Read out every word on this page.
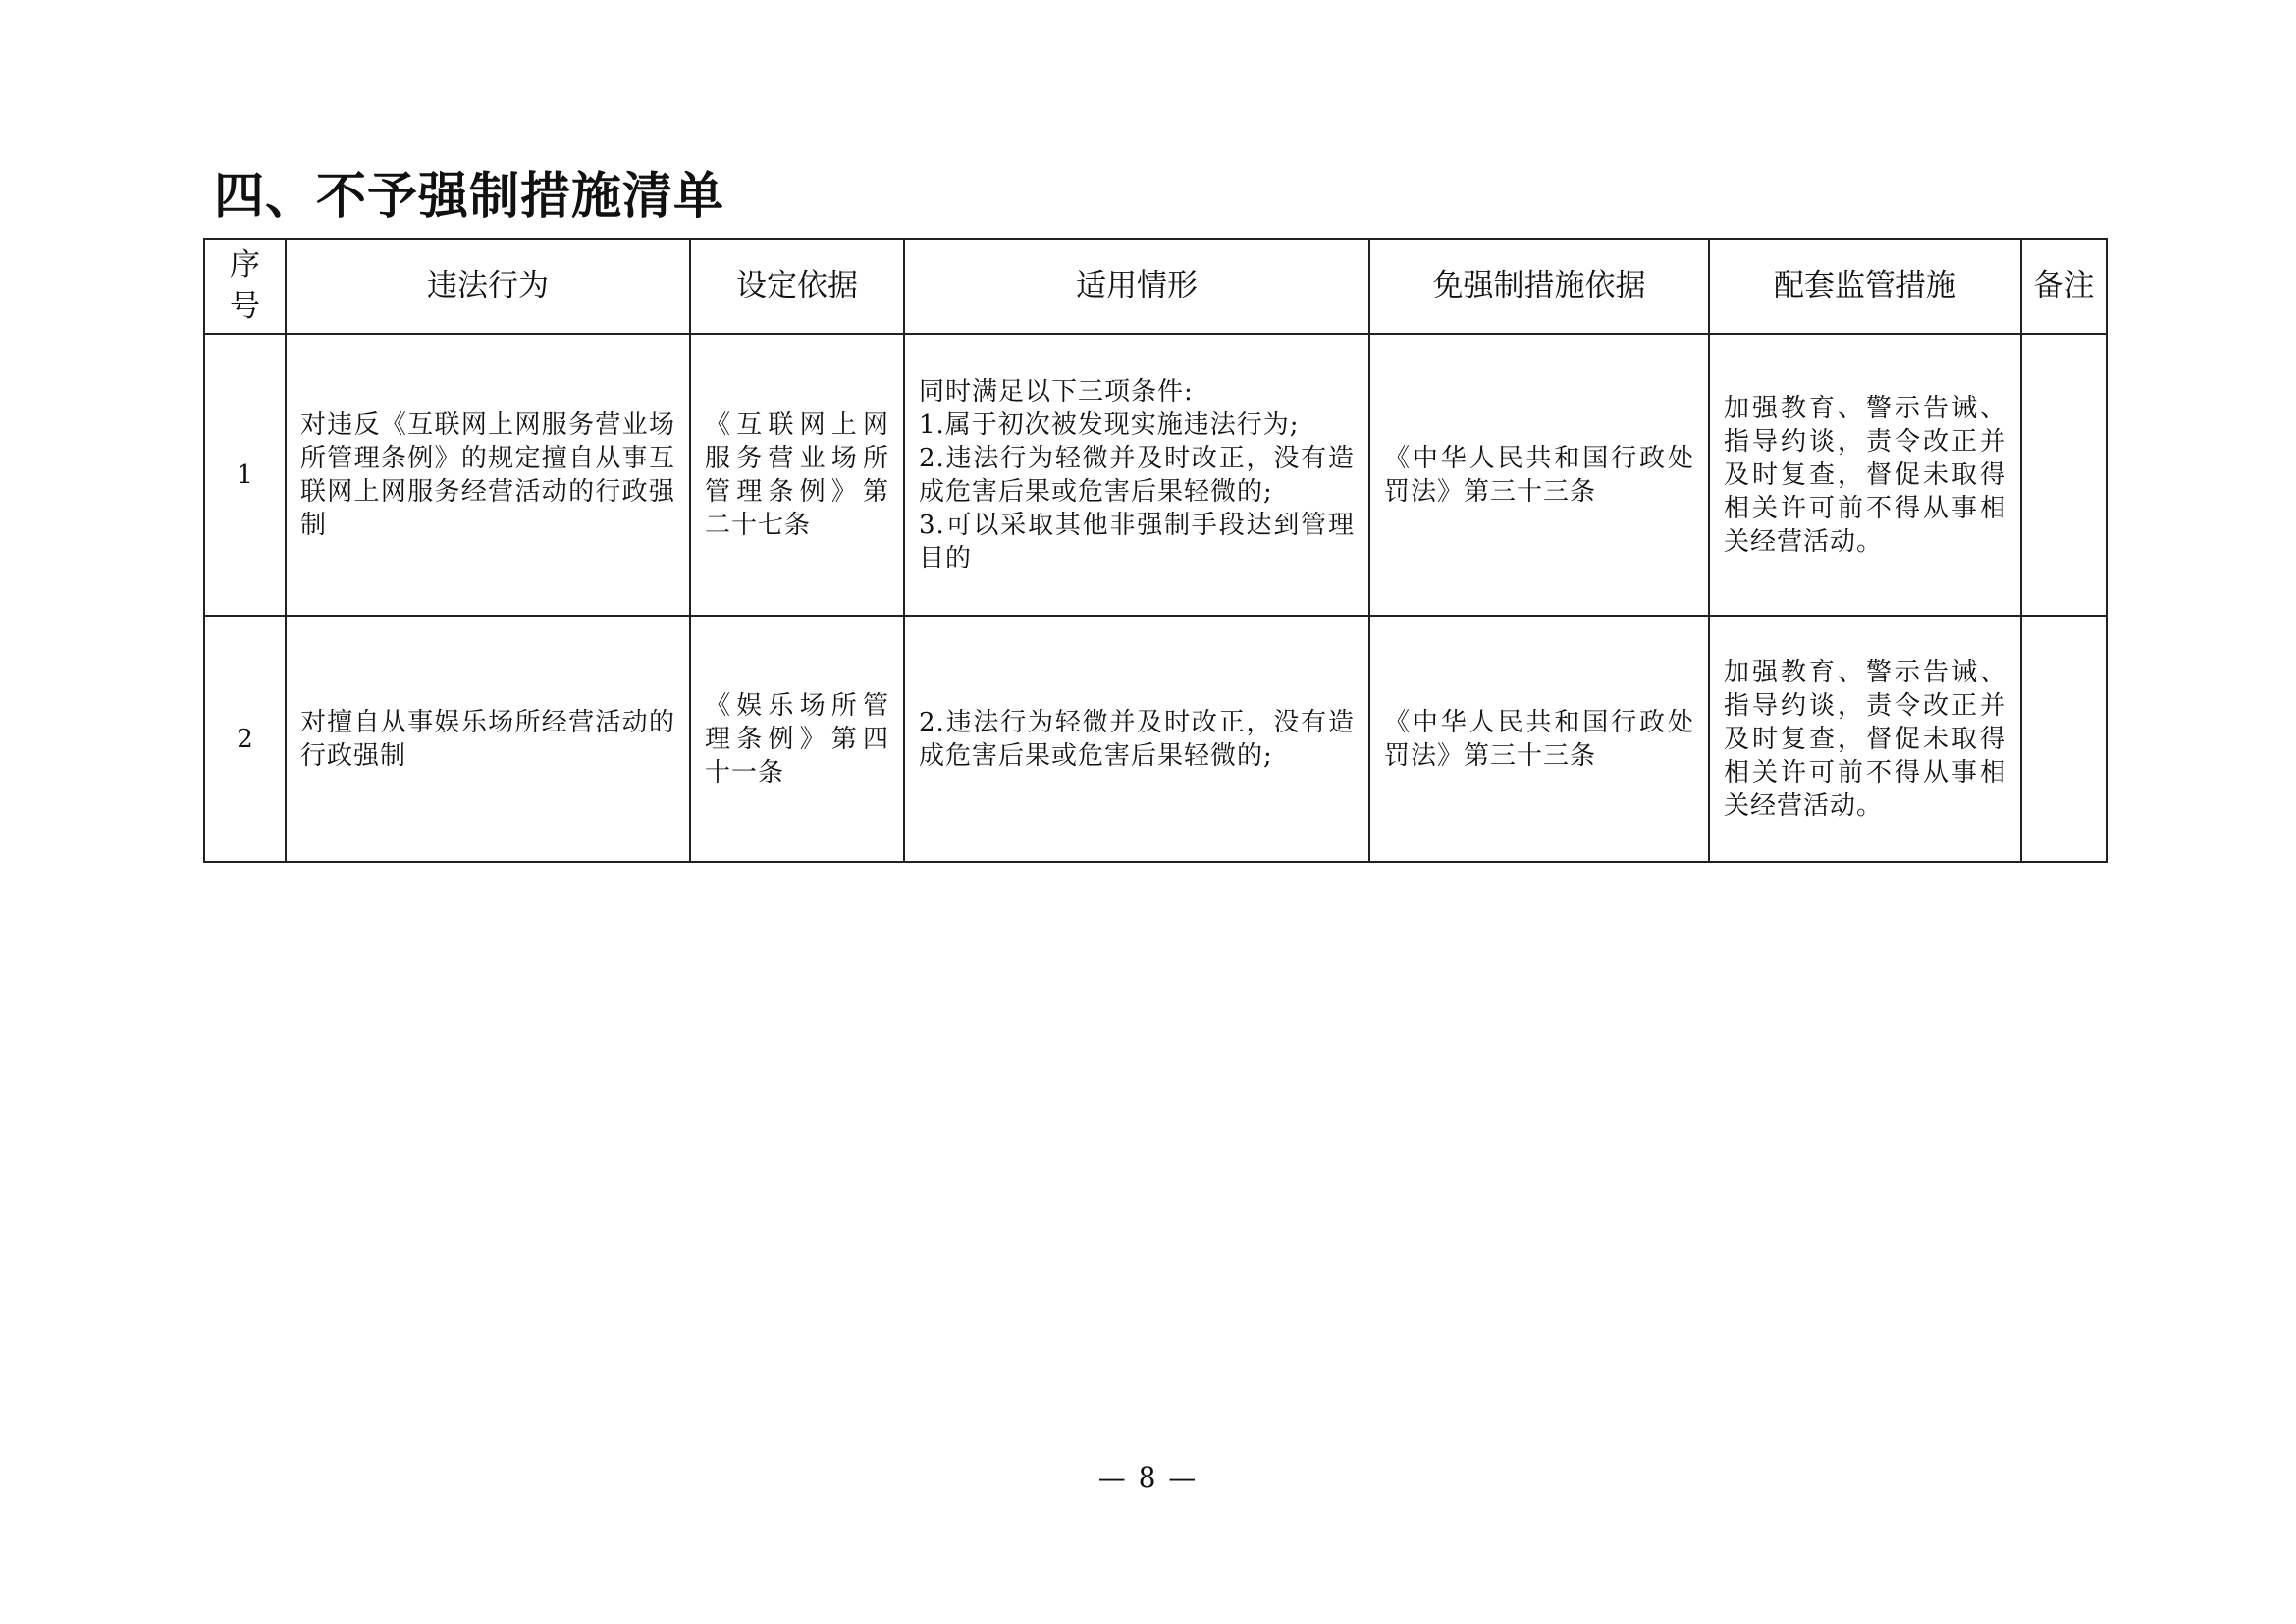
四、不予强制措施清单
序号	违法行为	设定依据	适用情形	免强制措施依据	配套监管措施	备注
1	对违反《互联网上网服务营业场所管理条例》的规定擅自从事互联网上网服务经营活动的行政强制	《互联网上网服务营业场所管理条例》第二十七条	同时满足以下三项条件:
1.属于初次被发现实施违法行为;
2.违法行为轻微并及时改正，没有造成危害后果或危害后果轻微的;
3.可以采取其他非强制手段达到管理目的	《中华人民共和国行政处罚法》第三十三条	加强教育、警示告诫、指导约谈，责令改正并及时复查，督促未取得相关许可前不得从事相关经营活动。	
2	对擅自从事娱乐场所经营活动的行政强制	《娱乐场所管理条例》第四十一条	2.违法行为轻微并及时改正，没有造成危害后果或危害后果轻微的;	《中华人民共和国行政处罚法》第三十三条	加强教育、警示告诫、指导约谈，责令改正并及时复查，督促未取得相关许可前不得从事相关经营活动。	
— 8 —
